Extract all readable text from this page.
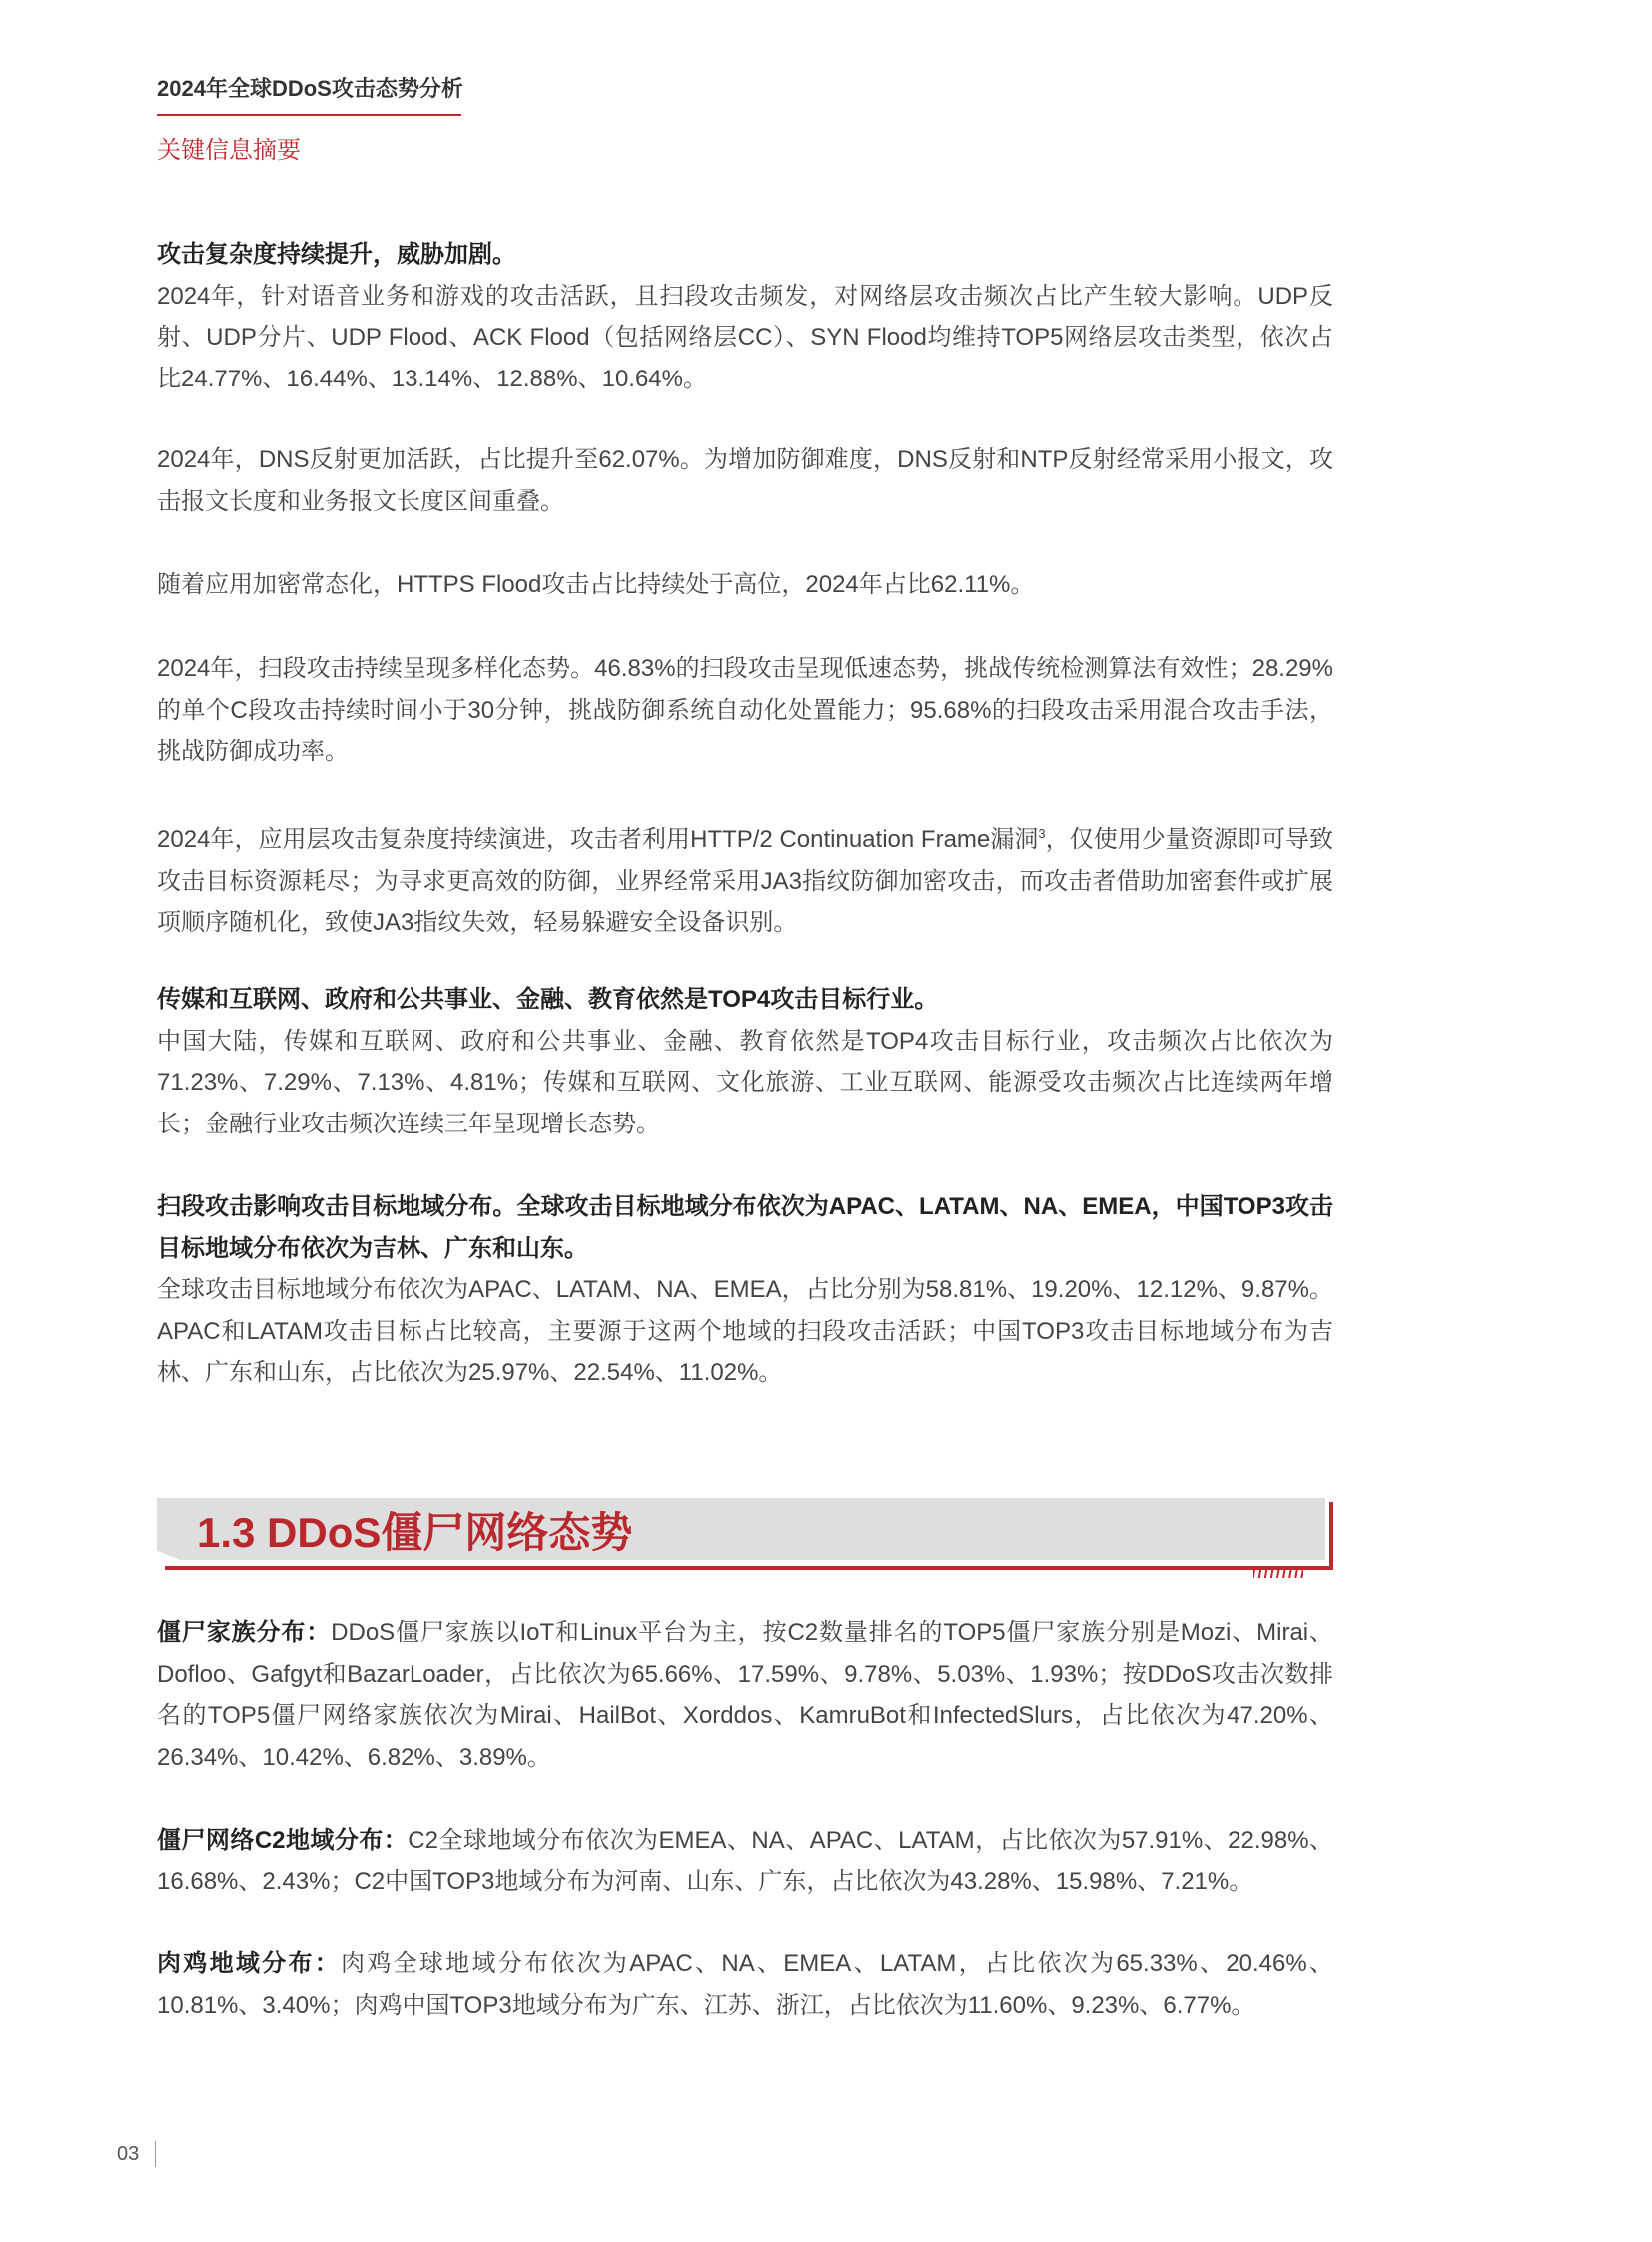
2024年全球DDoS攻击态势分析
关键信息摘要
攻击复杂度持续提升，威胁加剧。
2024年，针对语音业务和游戏的攻击活跃，且扫段攻击频发，对网络层攻击频次占比产生较大影响。UDP反射、UDP分片、UDP Flood、ACK Flood（包括网络层CC）、SYN Flood均维持TOP5网络层攻击类型，依次占比24.77%、16.44%、13.14%、12.88%、10.64%。
2024年，DNS反射更加活跃，占比提升至62.07%。为增加防御难度，DNS反射和NTP反射经常采用小报文，攻击报文长度和业务报文长度区间重叠。
随着应用加密常态化，HTTPS Flood攻击占比持续处于高位，2024年占比62.11%。
2024年，扫段攻击持续呈现多样化态势。46.83%的扫段攻击呈现低速态势，挑战传统检测算法有效性；28.29%的单个C段攻击持续时间小于30分钟，挑战防御系统自动化处置能力；95.68%的扫段攻击采用混合攻击手法，挑战防御成功率。
2024年，应用层攻击复杂度持续演进，攻击者利用HTTP/2 Continuation Frame漏洞$^3$，仅使用少量资源即可导致攻击目标资源耗尽；为寻求更高效的防御，业界经常采用JA3指纹防御加密攻击，而攻击者借助加密套件或扩展项顺序随机化，致使JA3指纹失效，轻易躲避安全设备识别。
传媒和互联网、政府和公共事业、金融、教育依然是TOP4攻击目标行业。
中国大陆，传媒和互联网、政府和公共事业、金融、教育依然是TOP4攻击目标行业，攻击频次占比依次为71.23%、7.29%、7.13%、4.81%；传媒和互联网、文化旅游、工业互联网、能源受攻击频次占比连续两年增长；金融行业攻击频次连续三年呈现增长态势。
扫段攻击影响攻击目标地域分布。全球攻击目标地域分布依次为APAC、LATAM、NA、EMEA，中国TOP3攻击目标地域分布依次为吉林、广东和山东。
全球攻击目标地域分布依次为APAC、LATAM、NA、EMEA，占比分别为58.81%、19.20%、12.12%、9.87%。APAC和LATAM攻击目标占比较高，主要源于这两个地域的扫段攻击活跃；中国TOP3攻击目标地域分布为吉林、广东和山东，占比依次为25.97%、22.54%、11.02%。
1.3 DDoS僵尸网络态势
僵尸家族分布：DDoS僵尸家族以IoT和Linux平台为主，按C2数量排名的TOP5僵尸家族分别是Mozi、Mirai、Dofloo、Gafgyt和BazarLoader，占比依次为65.66%、17.59%、9.78%、5.03%、1.93%；按DDoS攻击次数排名的TOP5僵尸网络家族依次为Mirai、HailBot、Xorddos、KamruBot和InfectedSlurs，占比依次为47.20%、26.34%、10.42%、6.82%、3.89%。
僵尸网络C2地域分布：C2全球地域分布依次为EMEA、NA、APAC、LATAM，占比依次为57.91%、22.98%、16.68%、2.43%；C2中国TOP3地域分布为河南、山东、广东，占比依次为43.28%、15.98%、7.21%。
肉鸡地域分布：肉鸡全球地域分布依次为APAC、NA、EMEA、LATAM，占比依次为65.33%、20.46%、10.81%、3.40%；肉鸡中国TOP3地域分布为广东、江苏、浙江，占比依次为11.60%、9.23%、6.77%。
03
